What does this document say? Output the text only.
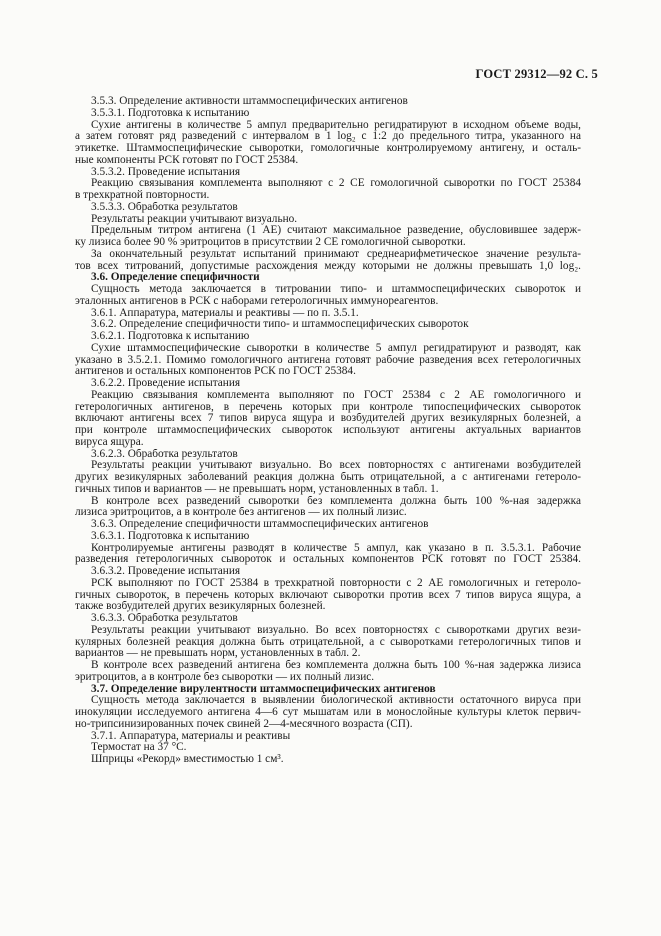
ГОСТ 29312—92 С. 5
3.5.3. Определение активности штаммоспецифических антигенов
3.5.3.1. Подготовка к испытанию
Сухие антигены в количестве 5 ампул предварительно регидратируют в исходном объеме воды,
а затем готовят ряд разведений с интервалом в 1 log₂ с 1:2 до предельного титра, указанного на
этикетке. Штаммоспецифические сыворотки, гомологичные контролируемому антигену, и осталь-
ные компоненты РСК готовят по ГОСТ 25384.
3.5.3.2. Проведение испытания
Реакцию связывания комплемента выполняют с 2 СЕ гомологичной сыворотки по ГОСТ 25384
в трехкратной повторности.
3.5.3.3. Обработка результатов
Результаты реакции учитывают визуально.
Предельным титром антигена (1 АЕ) считают максимальное разведение, обусловившее задерж-
ку лизиса более 90 % эритроцитов в присутствии 2 СЕ гомологичной сыворотки.
За окончательный результат испытаний принимают среднеарифметическое значение результа-
тов всех титрований, допустимые расхождения между которыми не должны превышать 1,0 log₂.
3.6. Определение специфичности
Сущность метода заключается в титровании типо- и штаммоспецифических сывороток и
эталонных антигенов в РСК с наборами гетерологичных иммунореагентов.
3.6.1. Аппаратура, материалы и реактивы — по п. 3.5.1.
3.6.2. Определение специфичности типо- и штаммоспецифических сывороток
3.6.2.1. Подготовка к испытанию
Сухие штаммоспецифические сыворотки в количестве 5 ампул регидратируют и разводят, как
указано в 3.5.2.1. Помимо гомологичного антигена готовят рабочие разведения всех гетерологичных
антигенов и остальных компонентов РСК по ГОСТ 25384.
3.6.2.2. Проведение испытания
Реакцию связывания комплемента выполняют по ГОСТ 25384 с 2 АЕ гомологичного и
гетерологичных антигенов, в перечень которых при контроле типоспецифических сывороток
включают антигены всех 7 типов вируса ящура и возбудителей других везикулярных болезней, а
при контроле штаммоспецифических сывороток используют антигены актуальных вариантов
вируса ящура.
3.6.2.3. Обработка результатов
Результаты реакции учитывают визуально. Во всех повторностях с антигенами возбудителей
других везикулярных заболеваний реакция должна быть отрицательной, а с антигенами гетероло-
гичных типов и вариантов — не превышать норм, установленных в табл. 1.
В контроле всех разведений сыворотки без комплемента должна быть 100 %-ная задержка
лизиса эритроцитов, а в контроле без антигенов — их полный лизис.
3.6.3. Определение специфичности штаммоспецифических антигенов
3.6.3.1. Подготовка к испытанию
Контролируемые антигены разводят в количестве 5 ампул, как указано в п. 3.5.3.1. Рабочие
разведения гетерологичных сывороток и остальных компонентов РСК готовят по ГОСТ 25384.
3.6.3.2. Проведение испытания
РСК выполняют по ГОСТ 25384 в трехкратной повторности с 2 АЕ гомологичных и гетероло-
гичных сывороток, в перечень которых включают сыворотки против всех 7 типов вируса ящура, а
также возбудителей других везикулярных болезней.
3.6.3.3. Обработка результатов
Результаты реакции учитывают визуально. Во всех повторностях с сыворотками других вези-
кулярных болезней реакция должна быть отрицательной, а с сыворотками гетерологичных типов и
вариантов — не превышать норм, установленных в табл. 2.
В контроле всех разведений антигена без комплемента должна быть 100 %-ная задержка лизиса
эритроцитов, а в контроле без сыворотки — их полный лизис.
3.7. Определение вирулентности штаммоспецифических антигенов
Сущность метода заключается в выявлении биологической активности остаточного вируса при
инокуляции исследуемого антигена 4—6 сут мышатам или в монослойные культуры клеток первич-
но-трипсинизированных почек свиней 2—4-месячного возраста (СП).
3.7.1. Аппаратура, материалы и реактивы
Термостат на 37 °С.
Шприцы «Рекорд» вместимостью 1 см³.
